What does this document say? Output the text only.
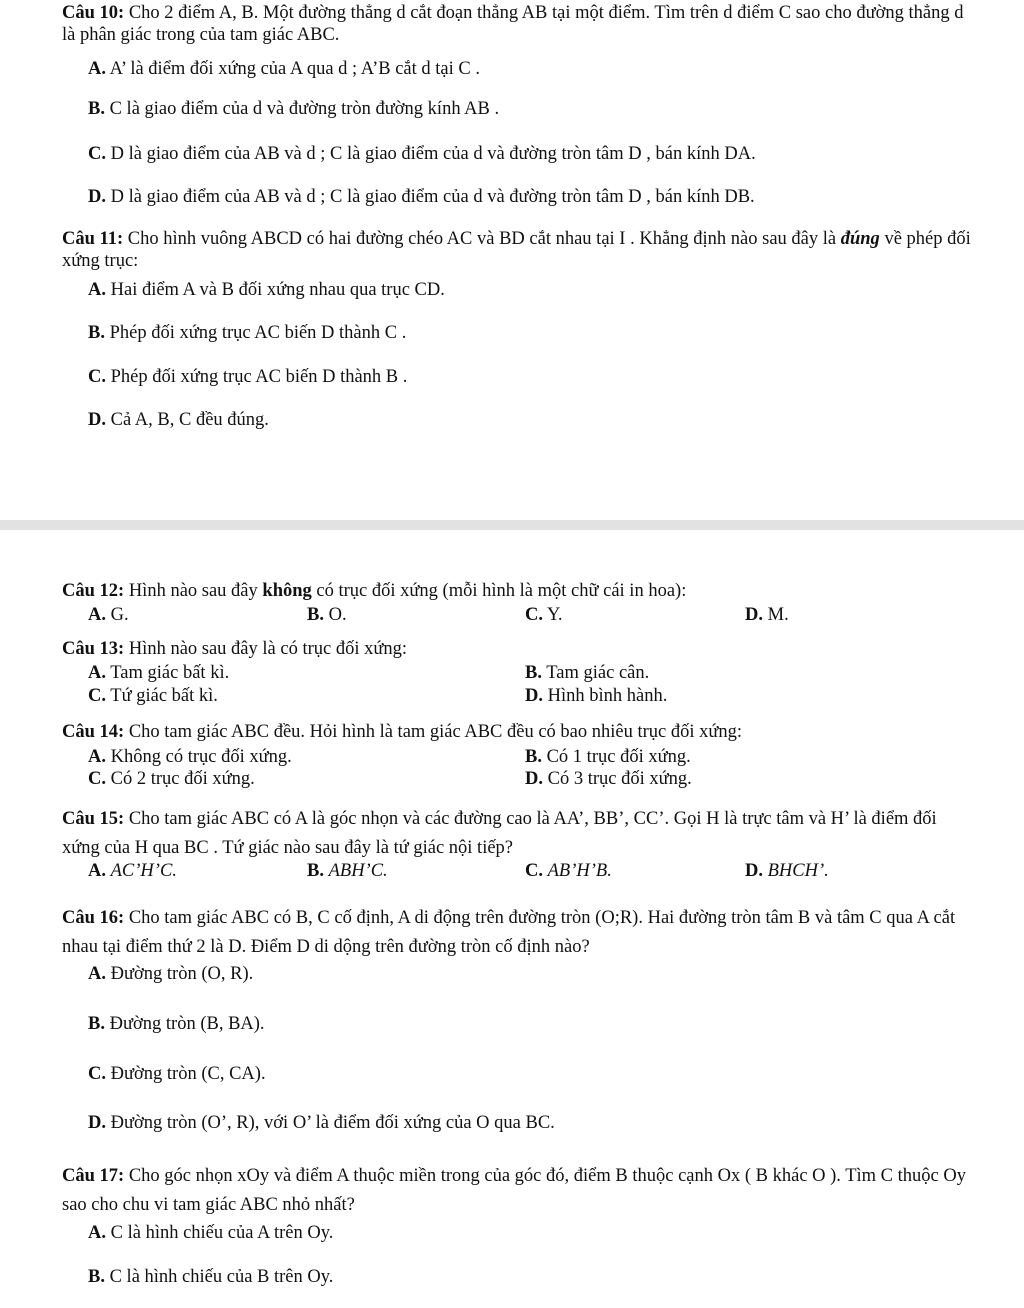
Câu 10: Cho 2 điểm A, B. Một đường thẳng d cắt đoạn thẳng AB tại một điểm. Tìm trên d điểm C sao cho đường thẳng d là phân giác trong của tam giác ABC.
A. A’ là điểm đối xứng của A qua d ; A’B cắt d tại C .
B. C là giao điểm của d và đường tròn đường kính AB .
C. D là giao điểm của AB và d ; C là giao điểm của d và đường tròn tâm D , bán kính DA.
D. D là giao điểm của AB và d ; C là giao điểm của d và đường tròn tâm D , bán kính DB.
Câu 11: Cho hình vuông ABCD có hai đường chéo AC và BD cắt nhau tại I . Khẳng định nào sau đây là đúng về phép đối xứng trục:
A. Hai điểm A và B đối xứng nhau qua trục CD.
B. Phép đối xứng trục AC biến D thành C .
C. Phép đối xứng trục AC biến D thành B .
D. Cả A, B, C đều đúng.
Câu 12: Hình nào sau đây không có trục đối xứng (mỗi hình là một chữ cái in hoa):
A. G.	B. O.	C. Y.	D. M.
Câu 13: Hình nào sau đây là có trục đối xứng:
A. Tam giác bất kì.	B. Tam giác cân.
C. Tứ giác bất kì.	D. Hình bình hành.
Câu 14: Cho tam giác ABC đều. Hỏi hình là tam giác ABC đều có bao nhiêu trục đối xứng:
A. Không có trục đối xứng.	B. Có 1 trục đối xứng.
C. Có 2 trục đối xứng.	D. Có 3 trục đối xứng.
Câu 15: Cho tam giác ABC có A là góc nhọn và các đường cao là AA’, BB’, CC’. Gọi H là trực tâm và H’ là điểm đối xứng của H qua BC . Tứ giác nào sau đây là tứ giác nội tiếp?
A. AC’H’C.	B. ABH’C.	C. AB’H’B.	D. BHCH’.
Câu 16: Cho tam giác ABC có B, C cố định, A di động trên đường tròn (O;R). Hai đường tròn tâm B và tâm C qua A cắt nhau tại điểm thứ 2 là D. Điểm D di dộng trên đường tròn cố định nào?
A. Đường tròn (O, R).
B. Đường tròn (B, BA).
C. Đường tròn (C, CA).
D. Đường tròn (O’, R), với O’ là điểm đối xứng của O qua BC.
Câu 17: Cho góc nhọn xOy và điểm A thuộc miền trong của góc đó, điểm B thuộc cạnh Ox ( B khác O ). Tìm C thuộc Oy sao cho chu vi tam giác ABC nhỏ nhất?
A. C là hình chiếu của A trên Oy.
B. C là hình chiếu của B trên Oy.
